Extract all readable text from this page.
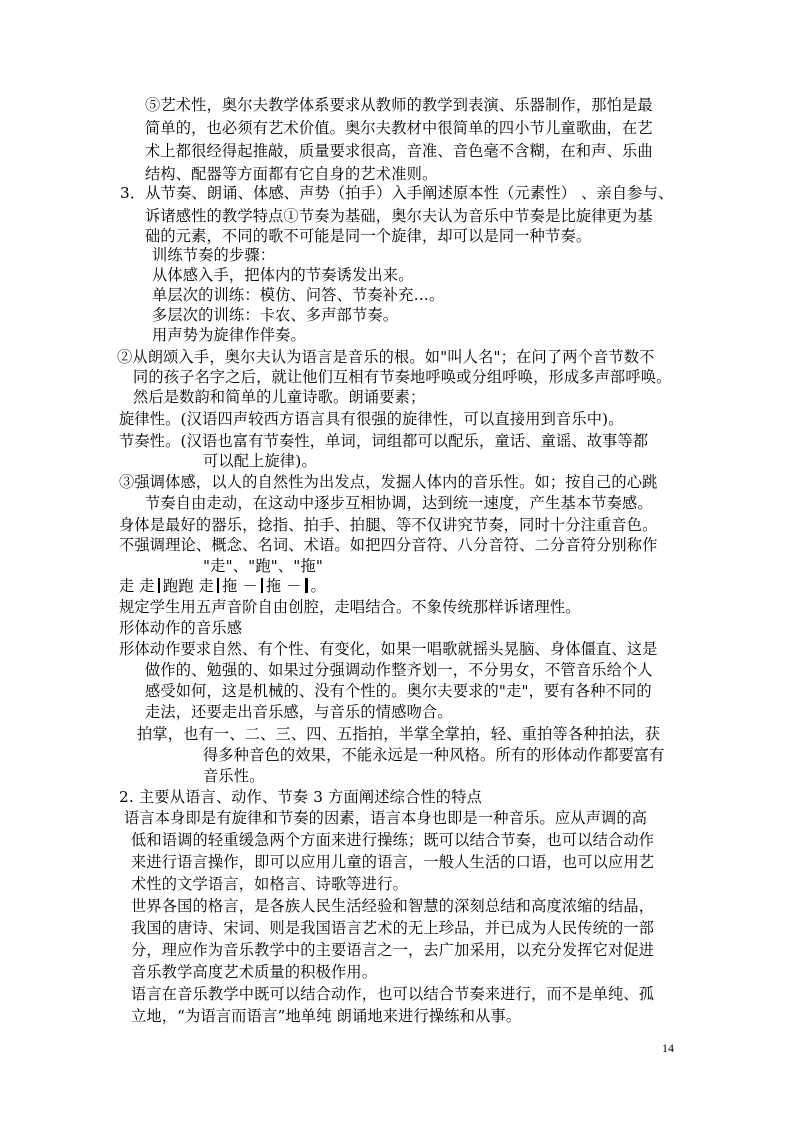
⑤艺术性，奥尔夫教学体系要求从教师的教学到表演、乐器制作，那怕是最
简单的，也必须有艺术价值。奥尔夫教材中很简单的四小节儿童歌曲，在艺
术上都很经得起推敲，质量要求很高，音准、音色毫不含糊，在和声、乐曲
结构、配器等方面都有它自身的艺术准则。
3．从节奏、朗诵、体感、声势（拍手）入手阐述原本性（元素性） 、亲自参与、
诉诸感性的教学特点①节奏为基础，奥尔夫认为音乐中节奏是比旋律更为基
础的元素，不同的歌不可能是同一个旋律，却可以是同一种节奏。
训练节奏的步骤：
从体感入手，把体内的节奏诱发出来。
单层次的训练：模仿、问答、节奏补充…。
多层次的训练：卡农、多声部节奏。
用声势为旋律作伴奏。
②从朗颂入手，奥尔夫认为语言是音乐的根。如"叫人名"；在问了两个音节数不
同的孩子名字之后，就让他们互相有节奏地呼唤或分组呼唤，形成多声部呼唤。
然后是数韵和简单的儿童诗歌。朗诵要素；
旋律性。(汉语四声较西方语言具有很强的旋律性，可以直接用到音乐中)。
节奏性。(汉语也富有节奏性，单词，词组都可以配乐，童话、童谣、故事等都
可以配上旋律)。
③强调体感，以人的自然性为出发点，发掘人体内的音乐性。如；按自己的心跳
节奏自由走动，在这动中逐步互相协调，达到统一速度，产生基本节奏感。
身体是最好的器乐，捻指、拍手、拍腿、等不仅讲究节奏，同时十分注重音色。
不强调理论、概念、名词、术语。如把四分音符、八分音符、二分音符分别称作
"走"、"跑"、"拖"
走 走 跑跑 走 拖 － 拖 － 。
规定学生用五声音阶自由创腔，走唱结合。不象传统那样诉诸理性。
形体动作的音乐感
形体动作要求自然、有个性、有变化，如果一唱歌就摇头晃脑、身体僵直、这是
做作的、勉强的、如果过分强调动作整齐划一，不分男女，不管音乐给个人
感受如何，这是机械的、没有个性的。奥尔夫要求的"走"，要有各种不同的
走法，还要走出音乐感，与音乐的情感吻合。
拍掌，也有一、二、三、四、五指拍，半掌全掌拍，轻、重拍等各种拍法，获
得多种音色的效果，不能永远是一种风格。所有的形体动作都要富有
音乐性。
2. 主要从语言、动作、节奏 3 方面阐述综合性的特点
语言本身即是有旋律和节奏的因素，语言本身也即是一种音乐。应从声调的高
低和语调的轻重缓急两个方面来进行操练；既可以结合节奏，也可以结合动作
来进行语言操作，即可以应用儿童的语言，一般人生活的口语，也可以应用艺
术性的文学语言，如格言、诗歌等进行。
世界各国的格言，是各族人民生活经验和智慧的深刻总结和高度浓缩的结晶，
我国的唐诗、宋词、则是我国语言艺术的无上珍品，并已成为人民传统的一部
分，理应作为音乐教学中的主要语言之一，去广加采用，以充分发挥它对促进
音乐教学高度艺术质量的积极作用。
语言在音乐教学中既可以结合动作，也可以结合节奏来进行，而不是单纯、孤
立地，“为语言而语言”地单纯 朗诵地来进行操练和从事。
14
